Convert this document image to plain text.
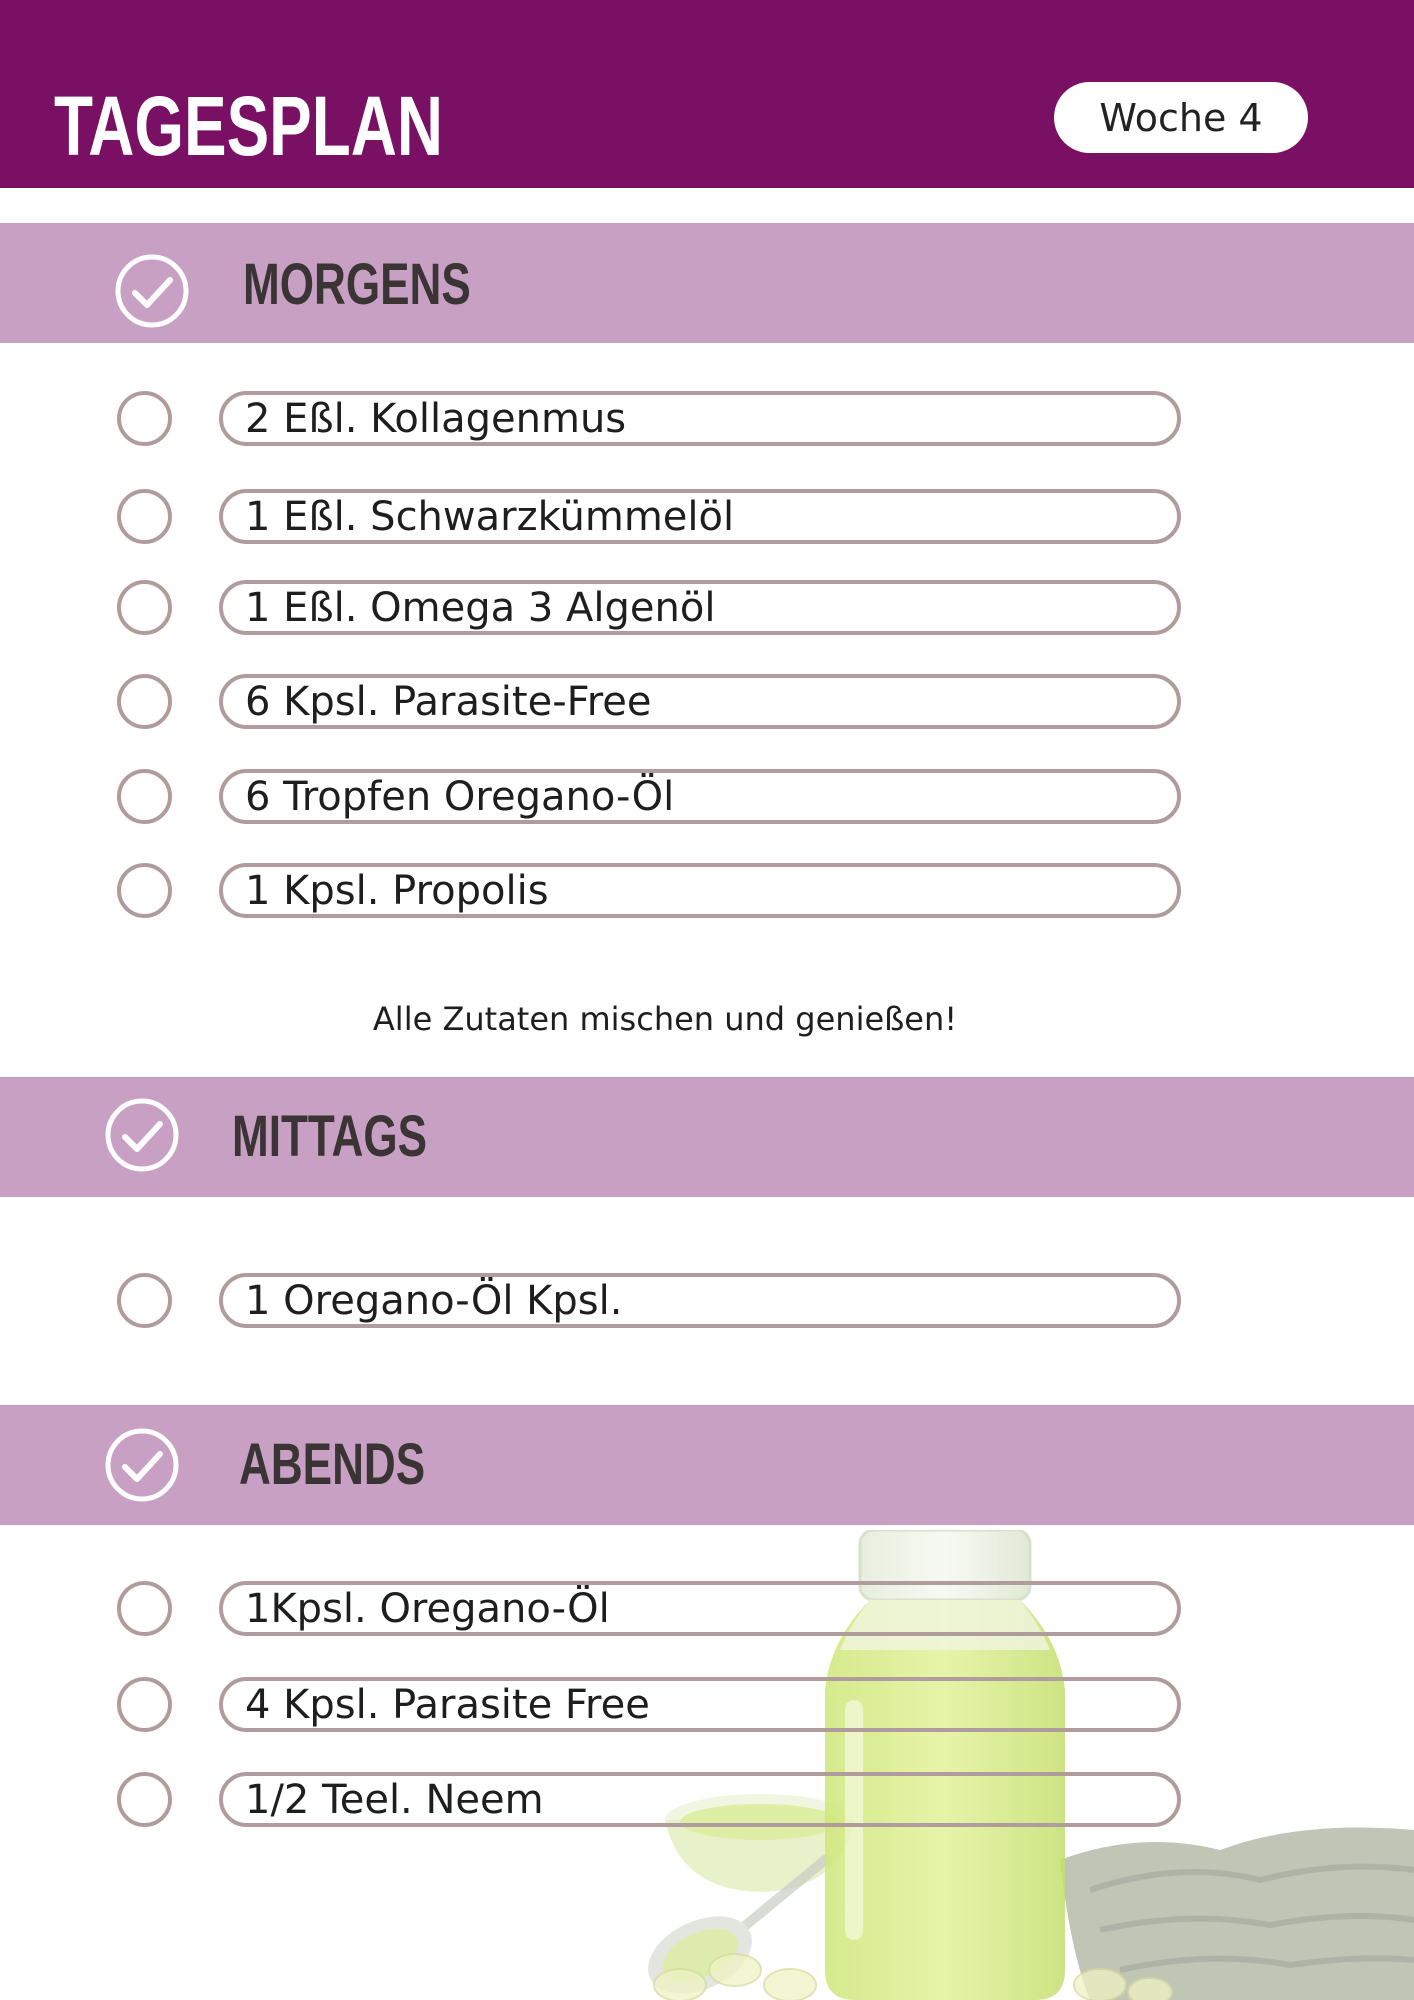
TAGESPLAN	Woche 4
MORGENS
MITTAGS
ABENDS
2 Eßl. Kollagenmus
1 Eßl. Schwarzkümmelöl
1 Eßl. Omega 3 Algenöl
6 Kpsl. Parasite-Free
6 Tropfen Oregano-Öl
1 Kpsl. Propolis
Alle Zutaten mischen und genießen!
1 Oregano-Öl Kpsl.
1Kpsl. Oregano-Öl
4 Kpsl. Parasite Free
1/2 Teel. Neem
